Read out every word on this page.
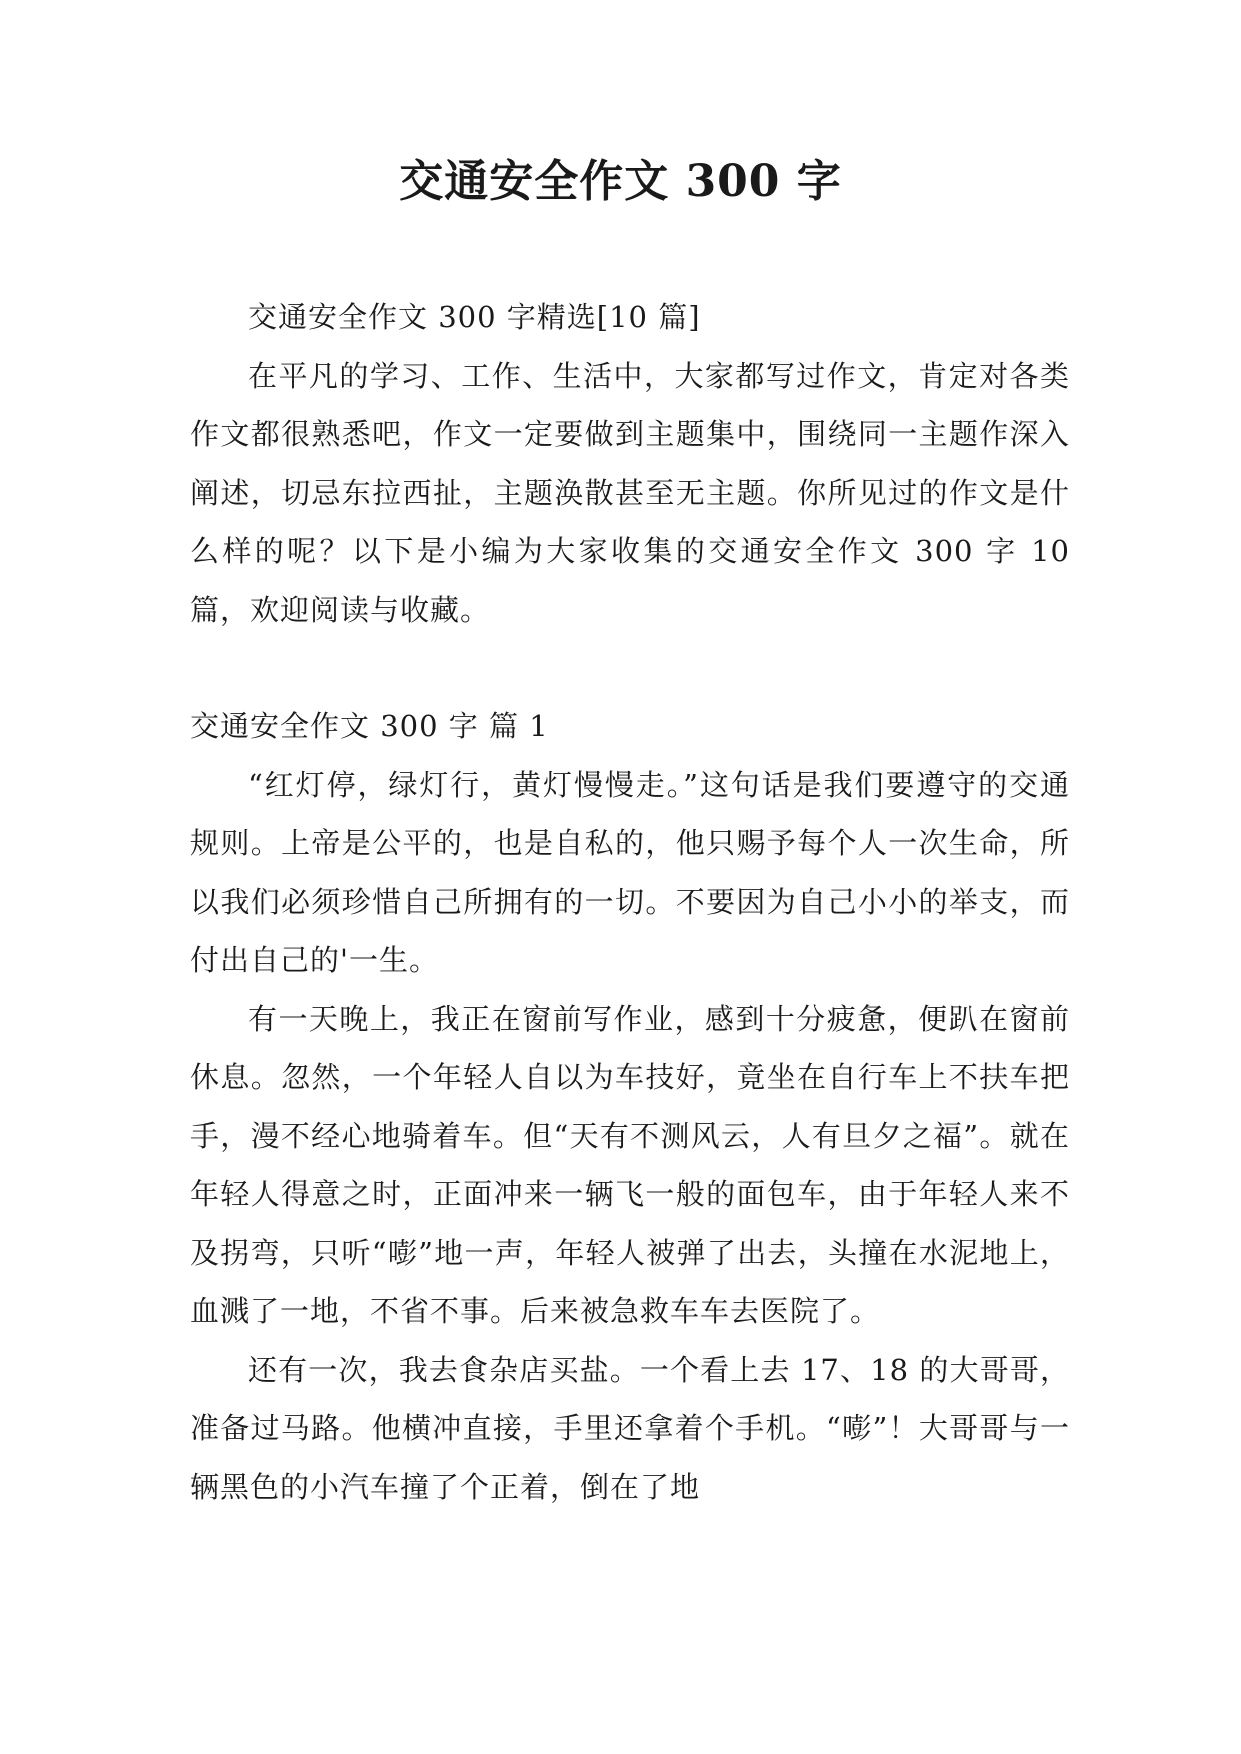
交通安全作文 300 字

交通安全作文 300 字精选[10 篇]

在平凡的学习、工作、生活中，大家都写过作文，肯定对各类作文都很熟悉吧，作文一定要做到主题集中，围绕同一主题作深入阐述，切忌东拉西扯，主题涣散甚至无主题。你所见过的作文是什么样的呢？以下是小编为大家收集的交通安全作文 300 字 10 篇，欢迎阅读与收藏。

交通安全作文 300 字 篇 1

“红灯停，绿灯行，黄灯慢慢走。”这句话是我们要遵守的交通规则。上帝是公平的，也是自私的，他只赐予每个人一次生命，所以我们必须珍惜自己所拥有的一切。不要因为自己小小的举支，而付出自己的'一生。

有一天晚上，我正在窗前写作业，感到十分疲惫，便趴在窗前休息。忽然，一个年轻人自以为车技好，竟坐在自行车上不扶车把手，漫不经心地骑着车。但“天有不测风云，人有旦夕之福”。就在年轻人得意之时，正面冲来一辆飞一般的面包车，由于年轻人来不及拐弯，只听“嘭”地一声，年轻人被弹了出去，头撞在水泥地上，血溅了一地，不省不事。后来被急救车车去医院了。

还有一次，我去食杂店买盐。一个看上去 17、18 的大哥哥，准备过马路。他横冲直接，手里还拿着个手机。“嘭”！大哥哥与一辆黑色的小汽车撞了个正着，倒在了地
